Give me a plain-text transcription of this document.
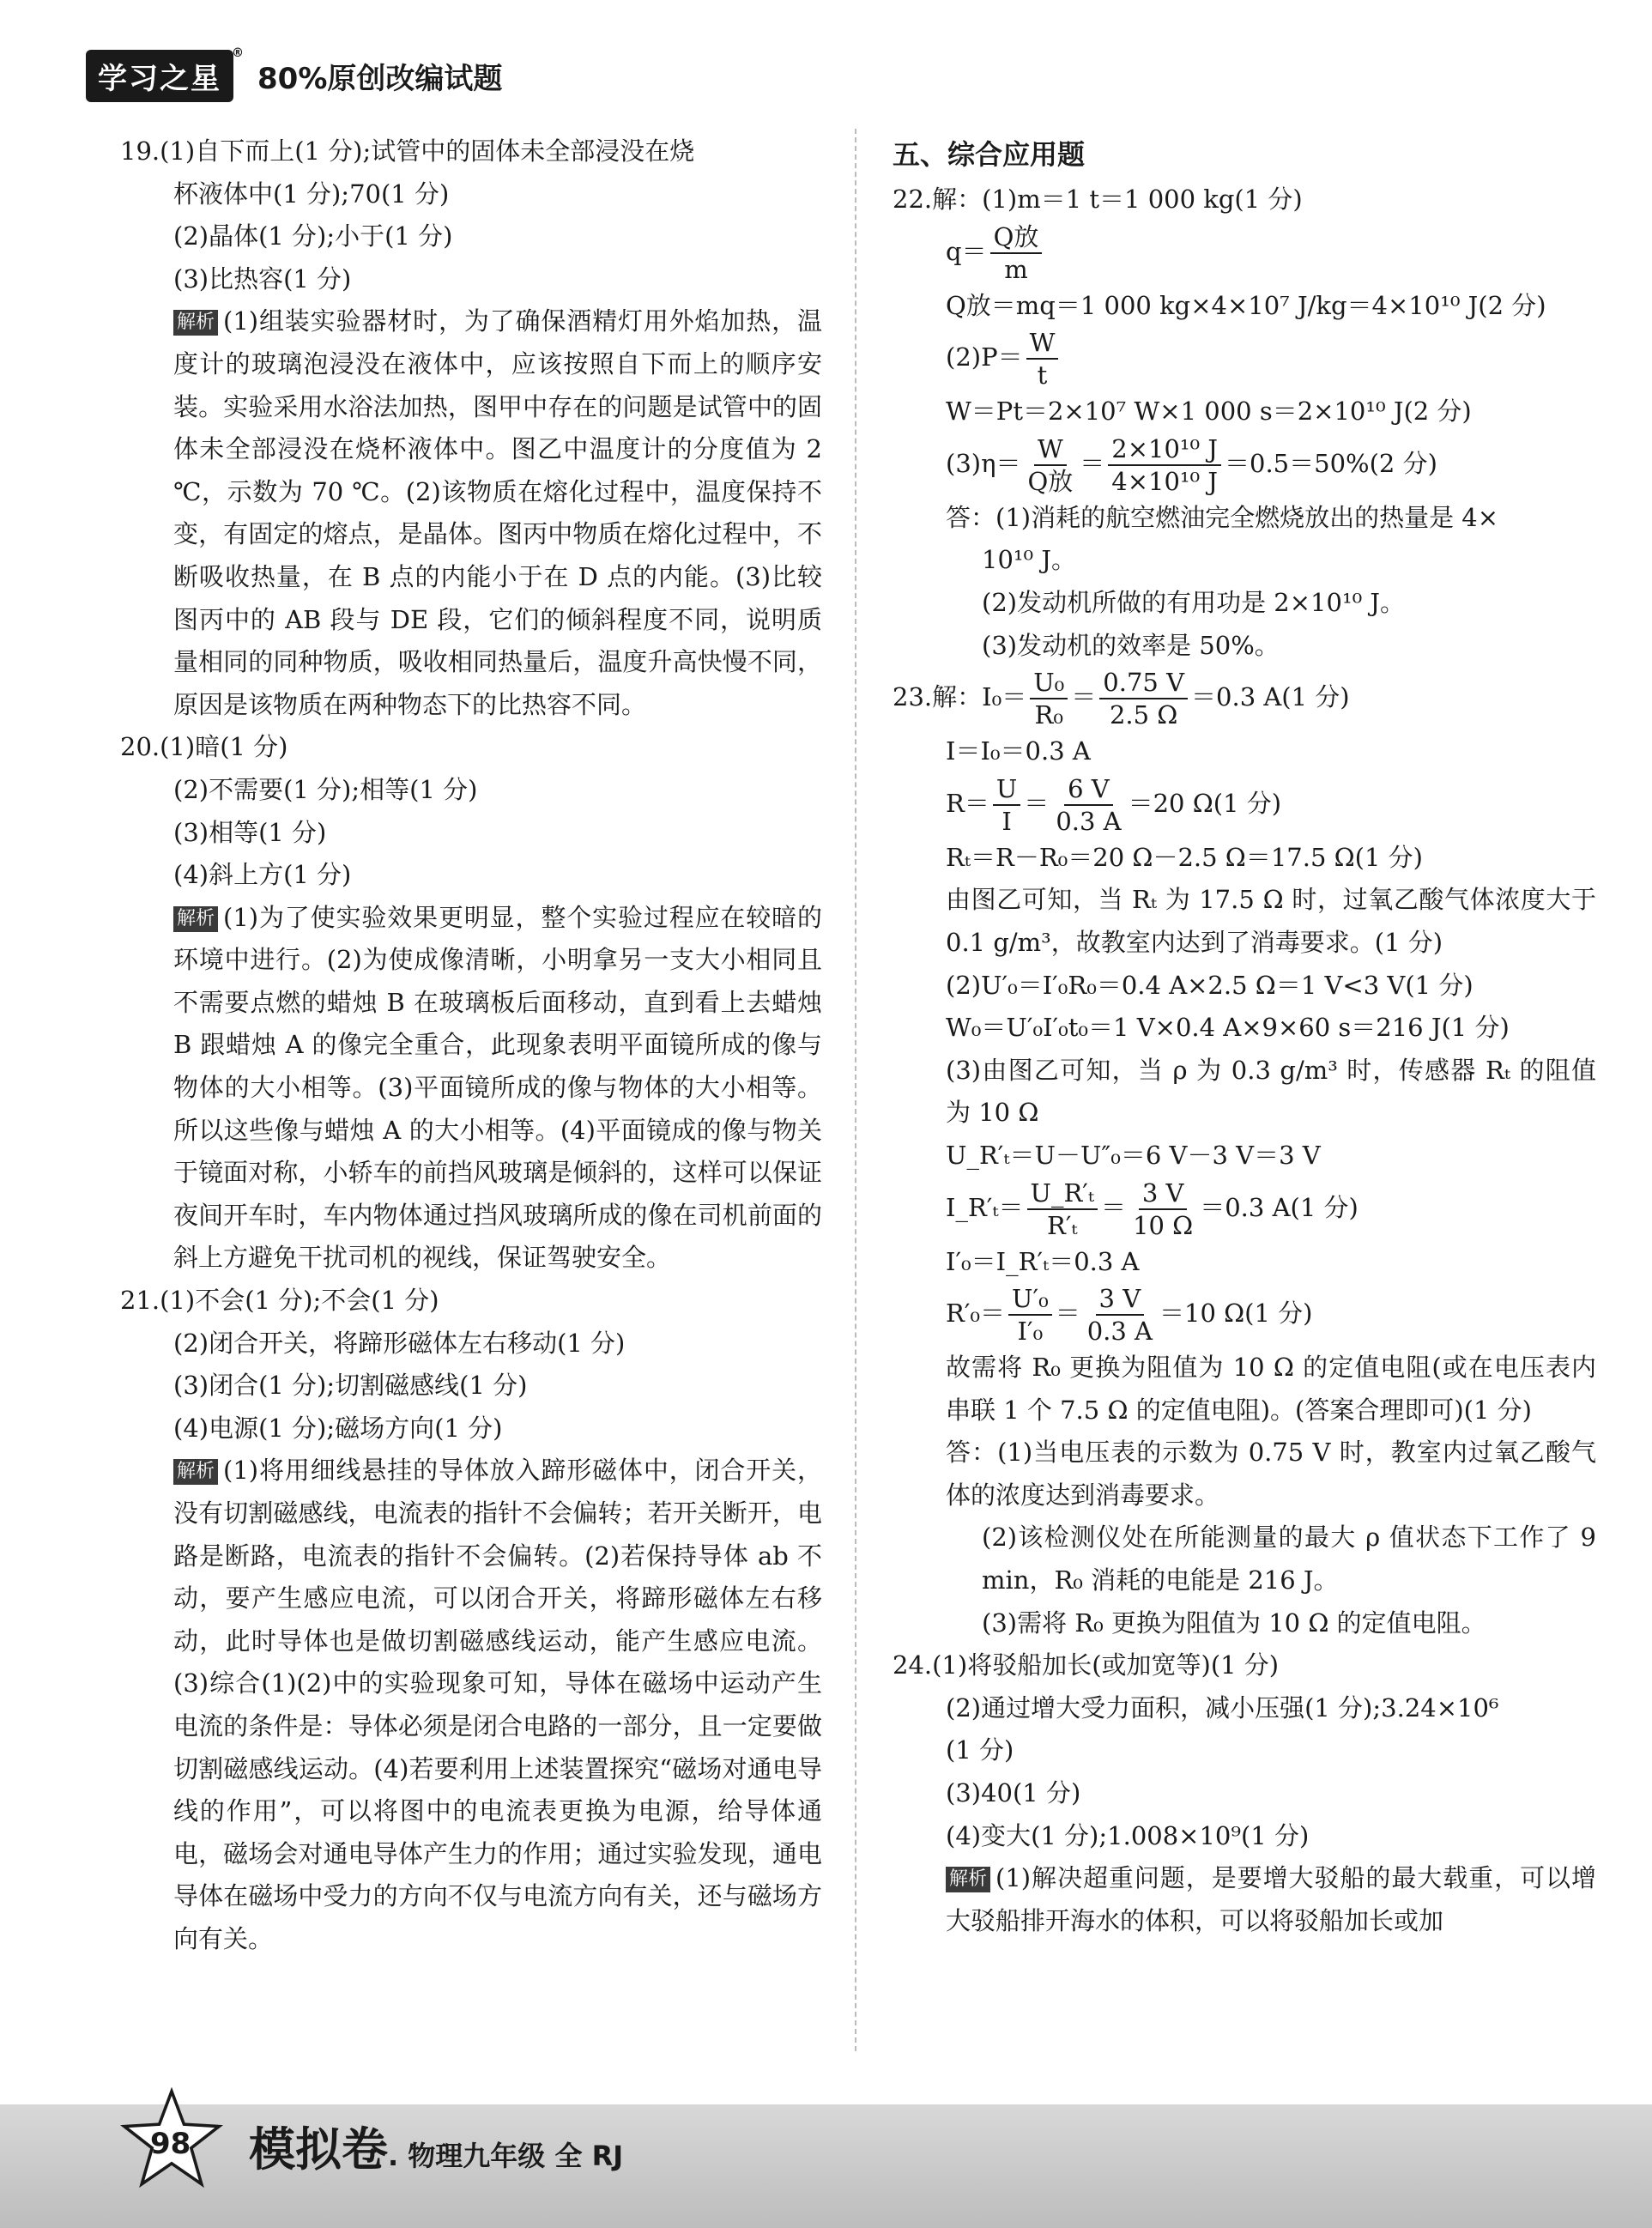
学习之星
®
80%原创改编试题

19.(1)自下而上(1 分);试管中的固体未全部浸没在烧

杯液体中(1 分);70(1 分)

(2)晶体(1 分);小于(1 分)

(3)比热容(1 分)

解析 (1)组装实验器材时，为了确保酒精灯用外焰加热，温度计的玻璃泡浸没在液体中，应该按照自下而上的顺序安装。实验采用水浴法加热，图甲中存在的问题是试管中的固体未全部浸没在烧杯液体中。图乙中温度计的分度值为 2 ℃，示数为 70 ℃。(2)该物质在熔化过程中，温度保持不变，有固定的熔点，是晶体。图丙中物质在熔化过程中，不断吸收热量，在 B 点的内能小于在 D 点的内能。(3)比较图丙中的 AB 段与 DE 段，它们的倾斜程度不同，说明质量相同的同种物质，吸收相同热量后，温度升高快慢不同，原因是该物质在两种物态下的比热容不同。

20.(1)暗(1 分)

(2)不需要(1 分);相等(1 分)

(3)相等(1 分)

(4)斜上方(1 分)

解析 (1)为了使实验效果更明显，整个实验过程应在较暗的环境中进行。(2)为使成像清晰，小明拿另一支大小相同且不需要点燃的蜡烛 B 在玻璃板后面移动，直到看上去蜡烛 B 跟蜡烛 A 的像完全重合，此现象表明平面镜所成的像与物体的大小相等。(3)平面镜所成的像与物体的大小相等。所以这些像与蜡烛 A 的大小相等。(4)平面镜成的像与物关于镜面对称，小轿车的前挡风玻璃是倾斜的，这样可以保证夜间开车时，车内物体通过挡风玻璃所成的像在司机前面的斜上方避免干扰司机的视线，保证驾驶安全。

21.(1)不会(1 分);不会(1 分)

(2)闭合开关，将蹄形磁体左右移动(1 分)

(3)闭合(1 分);切割磁感线(1 分)

(4)电源(1 分);磁场方向(1 分)

解析 (1)将用细线悬挂的导体放入蹄形磁体中，闭合开关，没有切割磁感线，电流表的指针不会偏转；若开关断开，电路是断路，电流表的指针不会偏转。(2)若保持导体 ab 不动，要产生感应电流，可以闭合开关，将蹄形磁体左右移动，此时导体也是做切割磁感线运动，能产生感应电流。(3)综合(1)(2)中的实验现象可知，导体在磁场中运动产生电流的条件是：导体必须是闭合电路的一部分，且一定要做切割磁感线运动。(4)若要利用上述装置探究“磁场对通电导线的作用”，可以将图中的电流表更换为电源，给导体通电，磁场会对通电导体产生力的作用；通过实验发现，通电导体在磁场中受力的方向不仅与电流方向有关，还与磁场方向有关。

五、综合应用题

22.解：(1)m＝1 t＝1 000 kg(1 分)

$q= \frac{\text{Q放}}{m}$

Q放＝mq＝1 000 kg×4×10⁷ J/kg＝4×10¹⁰ J(2 分)

$(2)P= \frac{W}{t}$

W＝Pt＝2×10⁷ W×1 000 s＝2×10¹⁰ J(2 分)

$(3)\eta= \frac{W}{\text{Q放}} = \frac{\text{2×10¹⁰ J}}{\text{4×10¹⁰ J}} =0.5=50\%(2$ 分)

答：(1)消耗的航空燃油完全燃烧放出的热量是 4×

10¹⁰ J。

(2)发动机所做的有用功是 2×10¹⁰ J。

(3)发动机的效率是 50%。

23.解：$I_0= \frac{\text{U₀}}{\text{R₀}} = \frac{0.75 V}{2.5 \Omega} =0.3$ A(1 分)

I＝I₀＝0.3 A

$R= \frac{U}{I} = \frac{6 V}{0.3 A} =20$ Ω(1 分)

Rₜ＝R－R₀＝20 Ω－2.5 Ω＝17.5 Ω(1 分)

由图乙可知，当 Rₜ 为 17.5 Ω 时，过氧乙酸气体浓度大于 0.1 g/m³，故教室内达到了消毒要求。(1 分)

(2)U′₀＝I′₀R₀＝0.4 A×2.5 Ω＝1 V<3 V(1 分)

W₀＝U′₀I′₀t₀＝1 V×0.4 A×9×60 s＝216 J(1 分)

(3)由图乙可知，当 ρ 为 0.3 g/m³ 时，传感器 Rₜ 的阻值为 10 Ω

U_R′ₜ＝U－U″₀＝6 V－3 V＝3 V

I_R′ₜ＝ $\frac{\text{U\_R′ₜ}}{\text{R′ₜ}} = \frac{3 V}{10 \Omega} =0.3$ A(1 分)

I′₀＝I_R′ₜ＝0.3 A

$R'_0= \frac{\text{U′₀}}{\text{I′₀}} = \frac{3 V}{0.3 A} =10$ Ω(1 分)

故需将 R₀ 更换为阻值为 10 Ω 的定值电阻(或在电压表内串联 1 个 7.5 Ω 的定值电阻)。(答案合理即可)(1 分)

答：(1)当电压表的示数为 0.75 V 时，教室内过氧乙酸气体的浓度达到消毒要求。

(2)该检测仪处在所能测量的最大 ρ 值状态下工作了 9 min，R₀ 消耗的电能是 216 J。

(3)需将 R₀ 更换为阻值为 10 Ω 的定值电阻。

24.(1)将驳船加长(或加宽等)(1 分)

(2)通过增大受力面积，减小压强(1 分);3.24×10⁶

(1 分)

(3)40(1 分)

(4)变大(1 分);1.008×10⁹(1 分)

解析 (1)解决超重问题，是要增大驳船的最大载重，可以增大驳船排开海水的体积，可以将驳船加长或加

98 模拟卷. 物理九年级 全 RJ
